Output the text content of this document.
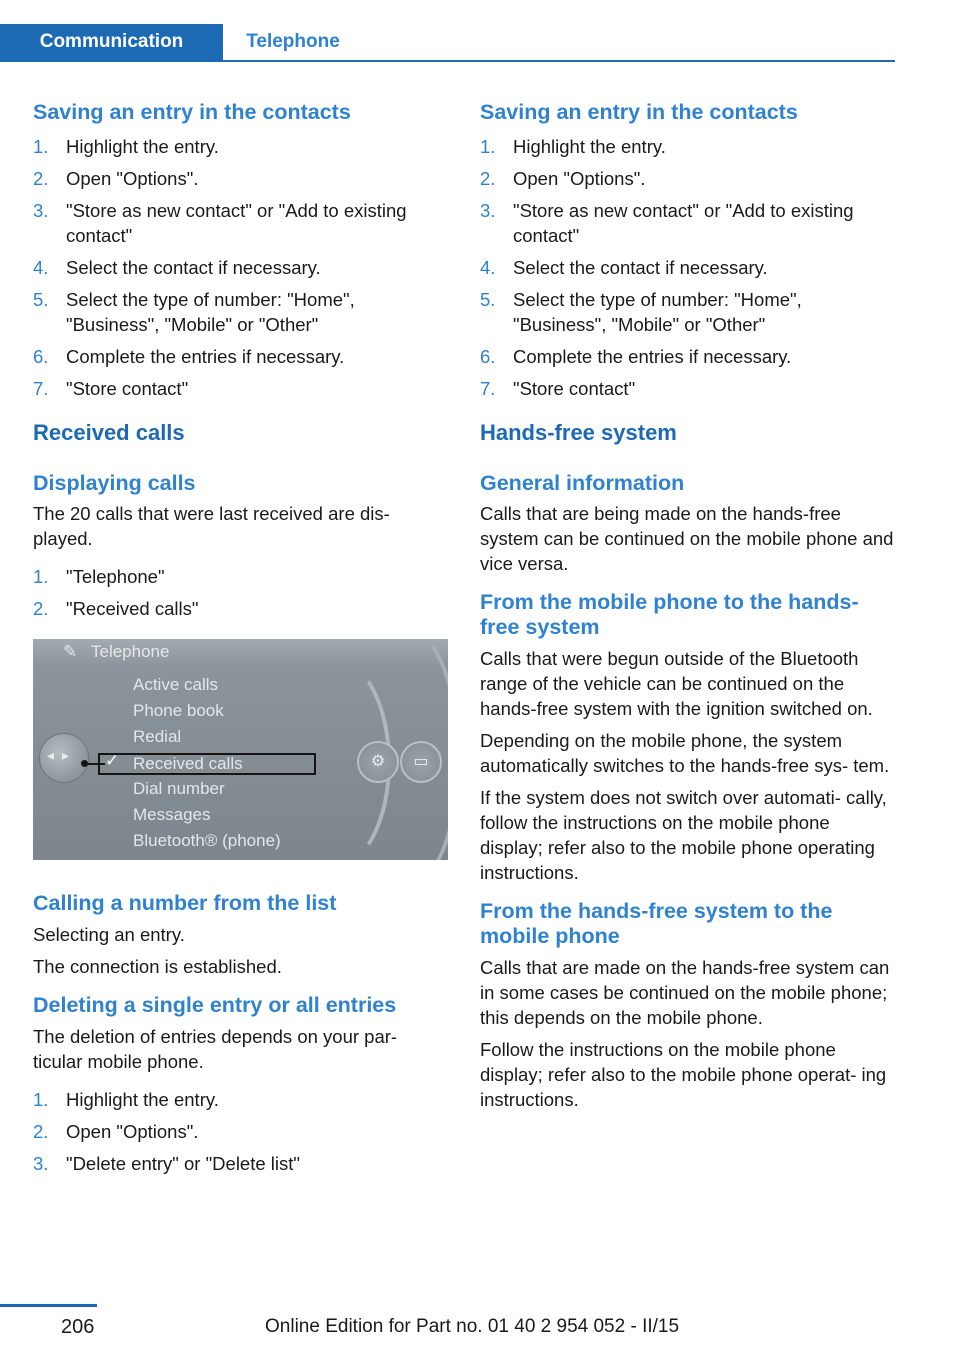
Communication	Telephone
Saving an entry in the contacts
1. Highlight the entry.
2. Open "Options".
3. "Store as new contact" or "Add to existing contact"
4. Select the contact if necessary.
5. Select the type of number: "Home", "Business", "Mobile" or "Other"
6. Complete the entries if necessary.
7. "Store contact"
Received calls
Displaying calls

The 20 calls that were last received are dis‐ played.

1. "Telephone"
2. "Received calls"
✎ Telephone
Active calls
Phone book
Redial
✓ Received calls
Dial number
Messages
Bluetooth® (phone)
◂ ▸	⚙	▭
Calling a number from the list

Selecting an entry.

The connection is established.

Deleting a single entry or all entries

The deletion of entries depends on your par‐ ticular mobile phone.

1. Highlight the entry.
2. Open "Options".
3. "Delete entry" or "Delete list"
Saving an entry in the contacts
1. Highlight the entry.
2. Open "Options".
3. "Store as new contact" or "Add to existing contact"
4. Select the contact if necessary.
5. Select the type of number: "Home", "Business", "Mobile" or "Other"
6. Complete the entries if necessary.
7. "Store contact"
Hands-free system
General information

Calls that are being made on the hands-free system can be continued on the mobile phone and vice versa.

From the mobile phone to the hands-free system

Calls that were begun outside of the Bluetooth range of the vehicle can be continued on the hands-free system with the ignition switched on.

Depending on the mobile phone, the system automatically switches to the hands-free sys‐ tem.

If the system does not switch over automati‐ cally, follow the instructions on the mobile phone display; refer also to the mobile phone operating instructions.

From the hands-free system to the mobile phone

Calls that are made on the hands-free system can in some cases be continued on the mobile phone; this depends on the mobile phone.

Follow the instructions on the mobile phone display; refer also to the mobile phone operat‐ ing instructions.

206	Online Edition for Part no. 01 40 2 954 052 - II/15
